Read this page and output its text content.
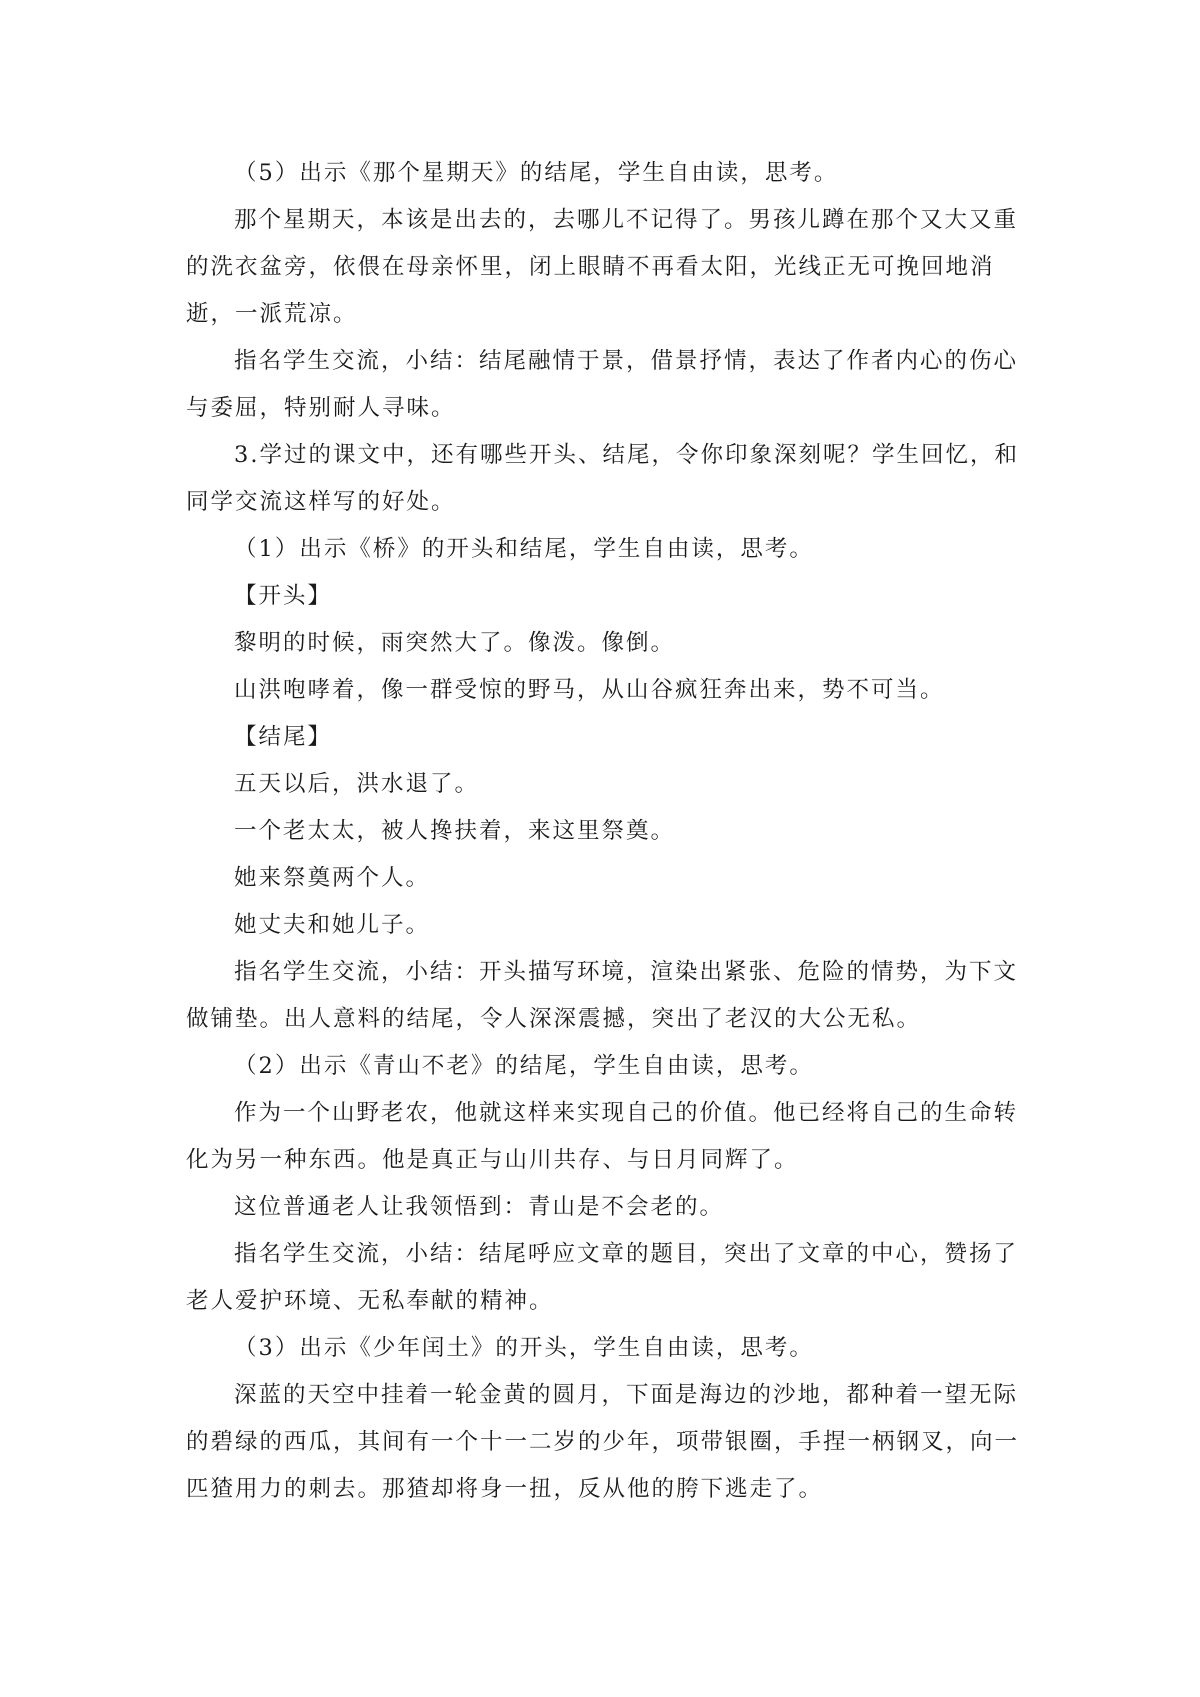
（5）出示《那个星期天》的结尾，学生自由读，思考。

那个星期天，本该是出去的，去哪儿不记得了。男孩儿蹲在那个又大又重的洗衣盆旁，依偎在母亲怀里，闭上眼睛不再看太阳，光线正无可挽回地消逝，一派荒凉。

指名学生交流，小结：结尾融情于景，借景抒情，表达了作者内心的伤心与委屈，特别耐人寻味。

3.学过的课文中，还有哪些开头、结尾，令你印象深刻呢？学生回忆，和同学交流这样写的好处。

（1）出示《桥》的开头和结尾，学生自由读，思考。

【开头】

黎明的时候，雨突然大了。像泼。像倒。

山洪咆哮着，像一群受惊的野马，从山谷疯狂奔出来，势不可当。

【结尾】

五天以后，洪水退了。

一个老太太，被人搀扶着，来这里祭奠。

她来祭奠两个人。

她丈夫和她儿子。

指名学生交流，小结：开头描写环境，渲染出紧张、危险的情势，为下文做铺垫。出人意料的结尾，令人深深震撼，突出了老汉的大公无私。

（2）出示《青山不老》的结尾，学生自由读，思考。

作为一个山野老农，他就这样来实现自己的价值。他已经将自己的生命转化为另一种东西。他是真正与山川共存、与日月同辉了。

这位普通老人让我领悟到：青山是不会老的。

指名学生交流，小结：结尾呼应文章的题目，突出了文章的中心，赞扬了老人爱护环境、无私奉献的精神。

（3）出示《少年闰土》的开头，学生自由读，思考。

深蓝的天空中挂着一轮金黄的圆月，下面是海边的沙地，都种着一望无际的碧绿的西瓜，其间有一个十一二岁的少年，项带银圈，手捏一柄钢叉，向一匹猹用力的刺去。那猹却将身一扭，反从他的胯下逃走了。
